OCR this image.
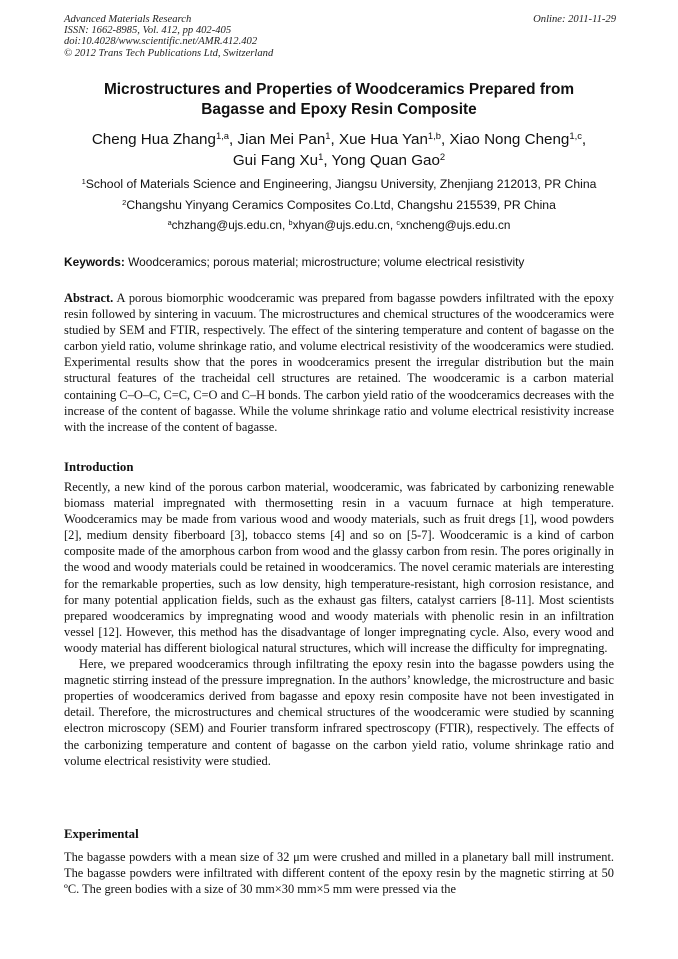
Advanced Materials Research
ISSN: 1662-8985, Vol. 412, pp 402-405
doi:10.4028/www.scientific.net/AMR.412.402
© 2012 Trans Tech Publications Ltd, Switzerland
Online: 2011-11-29
Microstructures and Properties of Woodceramics Prepared from
Bagasse and Epoxy Resin Composite
Cheng Hua Zhang$^{1,a}$, Jian Mei Pan$^1$, Xue Hua Yan$^{1,b}$, Xiao Nong Cheng$^{1,c}$,
Gui Fang Xu$^1$, Yong Quan Gao$^2$
$^1$School of Materials Science and Engineering, Jiangsu University, Zhenjiang 212013, PR China
$^2$Changshu Yinyang Ceramics Composites Co.Ltd, Changshu 215539, PR China
$^a$chzhang@ujs.edu.cn, $^b$xhyan@ujs.edu.cn, $^c$xncheng@ujs.edu.cn
Keywords: Woodceramics; porous material; microstructure; volume electrical resistivity
Abstract. A porous biomorphic woodceramic was prepared from bagasse powders infiltrated with the epoxy resin followed by sintering in vacuum. The microstructures and chemical structures of the woodceramics were studied by SEM and FTIR, respectively. The effect of the sintering temperature and content of bagasse on the carbon yield ratio, volume shrinkage ratio, and volume electrical resistivity of the woodceramics were studied. Experimental results show that the pores in woodceramics present the irregular distribution but the main structural features of the tracheidal cell structures are retained. The woodceramic is a carbon material containing C–O–C, C=C, C=O and C–H bonds. The carbon yield ratio of the woodceramics decreases with the increase of the content of bagasse. While the volume shrinkage ratio and volume electrical resistivity increase with the increase of the content of bagasse.
Introduction

Recently, a new kind of the porous carbon material, woodceramic, was fabricated by carbonizing renewable biomass material impregnated with thermosetting resin in a vacuum furnace at high temperature. Woodceramics may be made from various wood and woody materials, such as fruit dregs [1], wood powders [2], medium density fiberboard [3], tobacco stems [4] and so on [5-7]. Woodceramic is a kind of carbon composite made of the amorphous carbon from wood and the glassy carbon from resin. The pores originally in the wood and woody materials could be retained in woodceramics. The novel ceramic materials are interesting for the remarkable properties, such as low density, high temperature-resistant, high corrosion resistance, and for many potential application fields, such as the exhaust gas filters, catalyst carriers [8-11]. Most scientists prepared woodceramics by impregnating wood and woody materials with phenolic resin in an infiltration vessel [12]. However, this method has the disadvantage of longer impregnating cycle. Also, every wood and woody material has different biological natural structures, which will increase the difficulty for impregnating.

Here, we prepared woodceramics through infiltrating the epoxy resin into the bagasse powders using the magnetic stirring instead of the pressure impregnation. In the authors’ knowledge, the microstructure and basic properties of woodceramics derived from bagasse and epoxy resin composite have not been investigated in detail. Therefore, the microstructures and chemical structures of the woodceramic were studied by scanning electron microscopy (SEM) and Fourier transform infrared spectroscopy (FTIR), respectively. The effects of the carbonizing temperature and content of bagasse on the carbon yield ratio, volume shrinkage ratio and volume electrical resistivity were studied.

Experimental

The bagasse powders with a mean size of 32 μm were crushed and milled in a planetary ball mill instrument. The bagasse powders were infiltrated with different content of the epoxy resin by the magnetic stirring at 50 ºC. The green bodies with a size of 30 mm×30 mm×5 mm were pressed via the
